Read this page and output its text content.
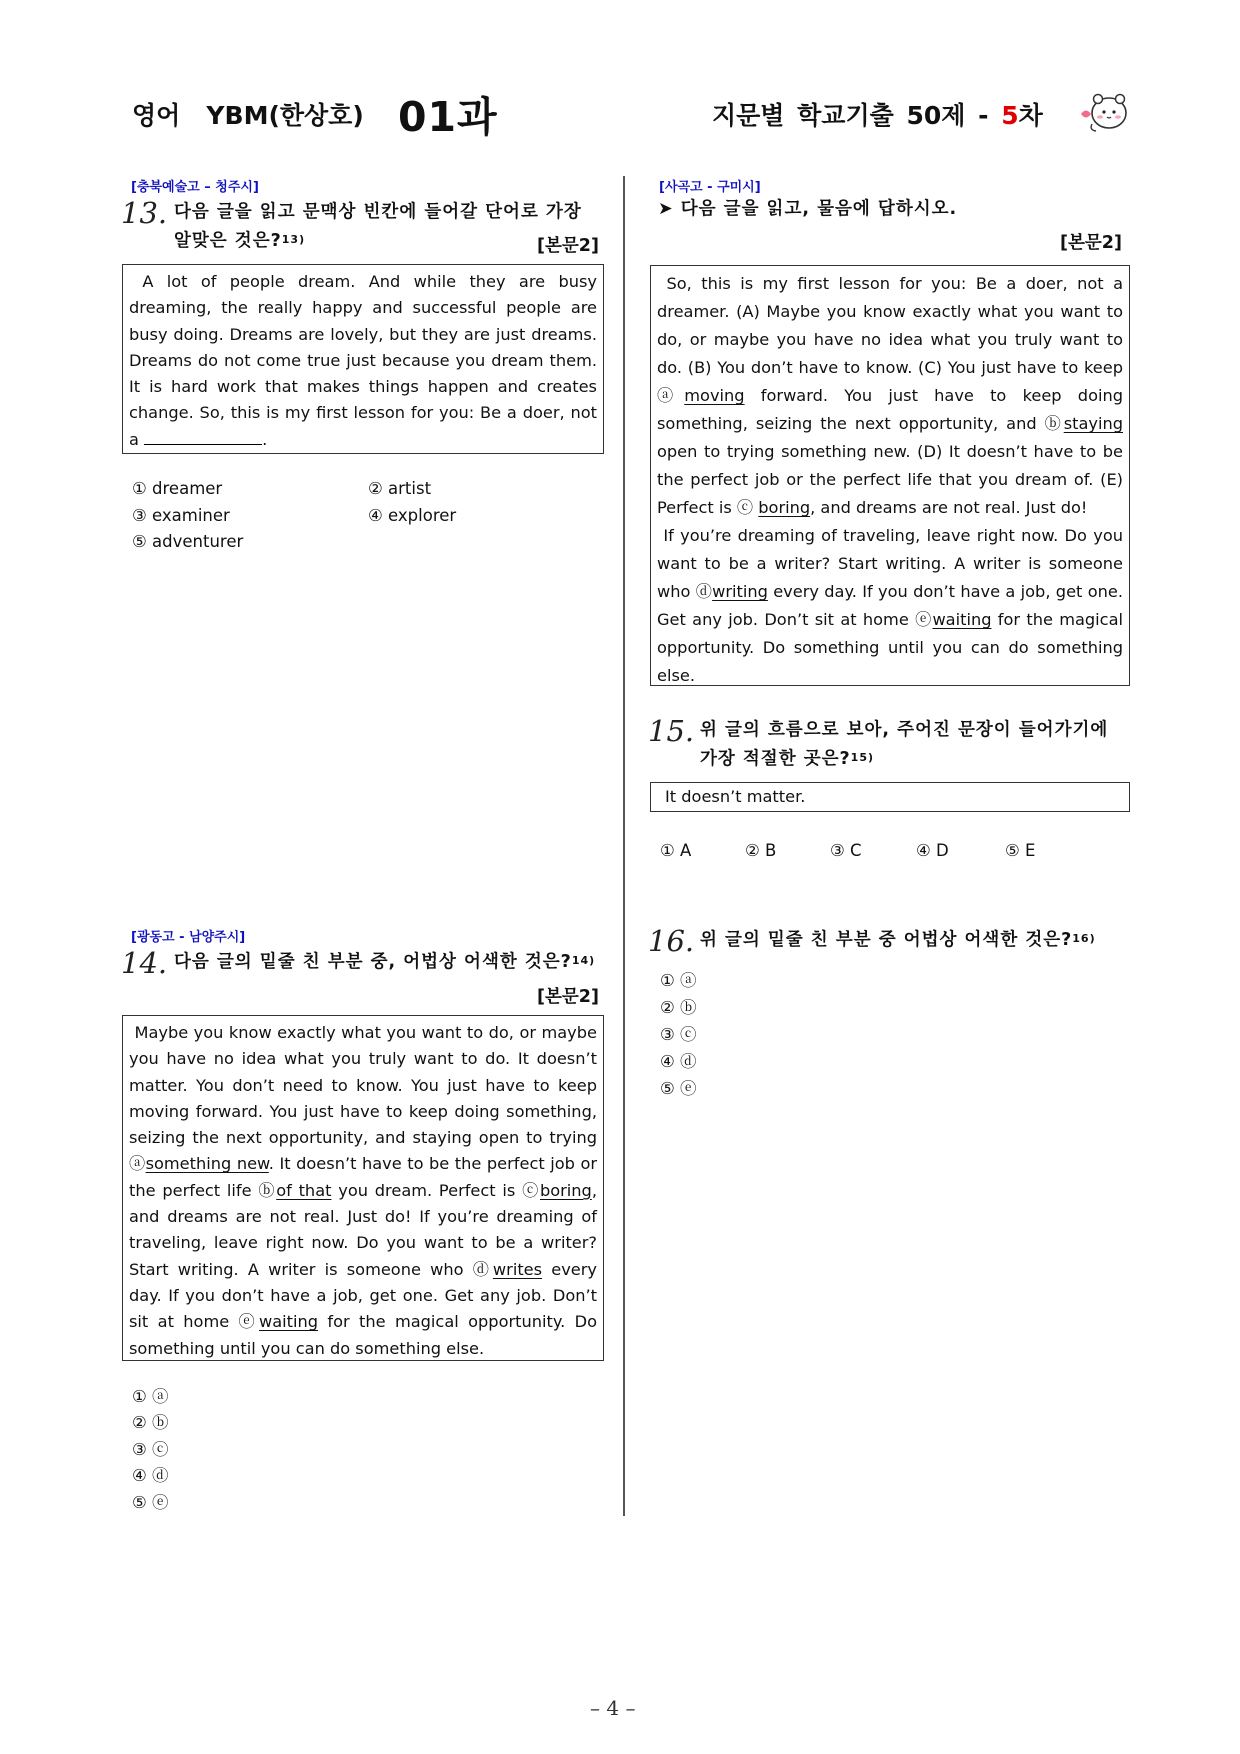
영어   YBM(한상호) 01과	지문별 학교기출 50제 - 5차
[충북예술고 – 청주시]
13. 다음 글을 읽고 문맥상 빈칸에 들어갈 단어로 가장 알맞은 것은?$^{13)}$	[본문2]

A lot of people dream. And while they are busy dreaming, the really happy and successful people are busy doing. Dreams are lovely, but they are just dreams. Dreams do not come true just because you dream them. It is hard work that makes things happen and creates change. So, this is my first lesson for you: Be a doer, not a	.

① dreamer	② artist
③ examiner	④ explorer
⑤ adventurer
[광동고 - 남양주시]
14. 다음 글의 밑줄 친 부분 중, 어법상 어색한 것은?$^{14)}$
[본문2]

Maybe you know exactly what you want to do, or maybe you have no idea what you truly want to do. It doesn’t matter. You don’t need to know. You just have to keep moving forward. You just have to keep doing something, seizing the next opportunity, and staying open to trying ⓐsomething new. It doesn’t have to be the perfect job or the perfect life ⓑof that you dream. Perfect is ⓒboring, and dreams are not real. Just do! If you’re dreaming of traveling, leave right now. Do you want to be a writer? Start writing. A writer is someone who ⓓwrites every day. If you don’t have a job, get one. Get any job. Don’t sit at home ⓔwaiting for the magical opportunity. Do something until you can do something else.

① ⓐ
② ⓑ
③ ⓒ
④ ⓓ
⑤ ⓔ
[사곡고 - 구미시]
➤ 다음 글을 읽고, 물음에 답하시오.
[본문2]

So, this is my first lesson for you: Be a doer, not a dreamer. (A) Maybe you know exactly what you want to do, or maybe you have no idea what you truly want to do. (B) You don’t have to know. (C) You just have to keep ⓐmoving forward. You just have to keep doing something, seizing the next opportunity, and ⓑstaying open to trying something new. (D) It doesn’t have to be the perfect job or the perfect life that you dream of. (E) Perfect is ⓒ boring, and dreams are not real. Just do!

If you’re dreaming of traveling, leave right now. Do you want to be a writer? Start writing. A writer is someone who ⓓwriting every day. If you don’t have a job, get one. Get any job. Don’t sit at home ⓔwaiting for the magical opportunity. Do something until you can do something else.

15. 위 글의 흐름으로 보아, 주어진 문장이 들어가기에 가장 적절한 곳은?$^{15)}$
It doesn’t matter.
① A	② B	③ C	④ D	⑤ E
16. 위 글의 밑줄 친 부분 중 어법상 어색한 것은?$^{16)}$
① ⓐ
② ⓑ
③ ⓒ
④ ⓓ
⑤ ⓔ
– 4 –
